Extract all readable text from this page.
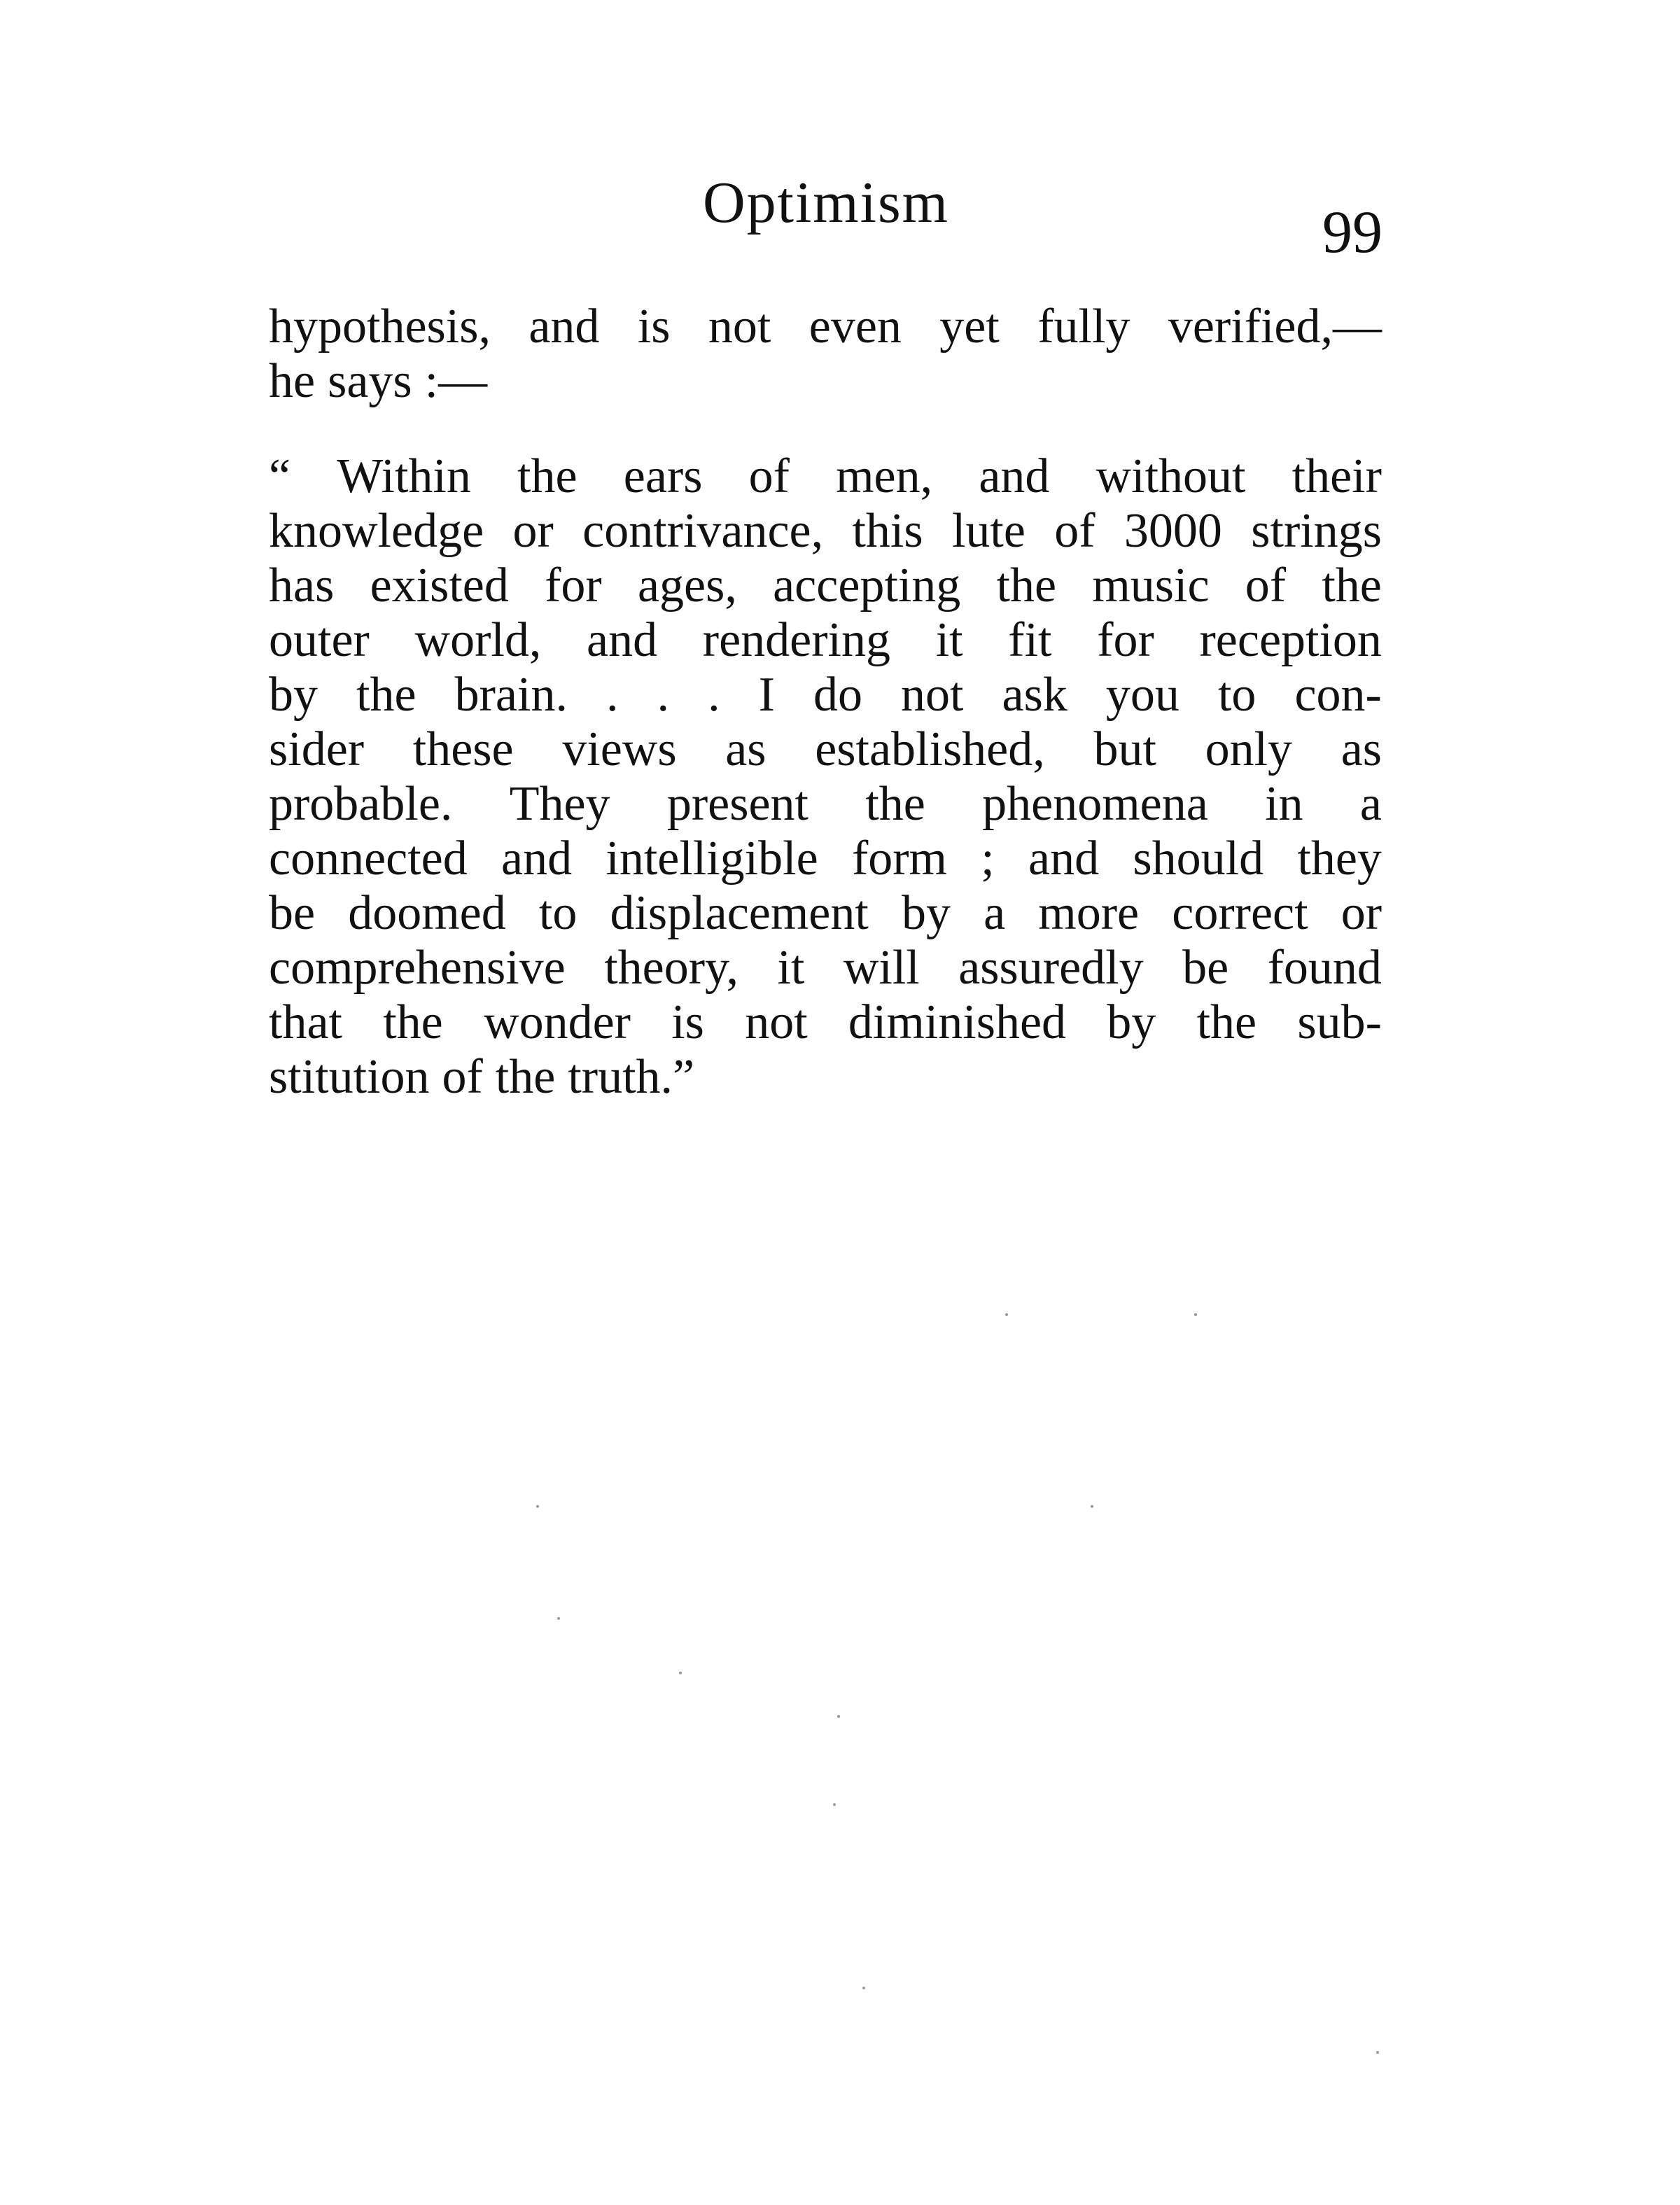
Optimism	99
hypothesis, and is not even yet fully verified,—
he says :—
“ Within the ears of men, and without their
knowledge or contrivance, this lute of 3000 strings
has existed for ages, accepting the music of the
outer world, and rendering it fit for reception
by the brain. . . . I do not ask you to con-
sider these views as established, but only as
probable. They present the phenomena in a
connected and intelligible form ; and should they
be doomed to displacement by a more correct or
comprehensive theory, it will assuredly be found
that the wonder is not diminished by the sub-
stitution of the truth.”
